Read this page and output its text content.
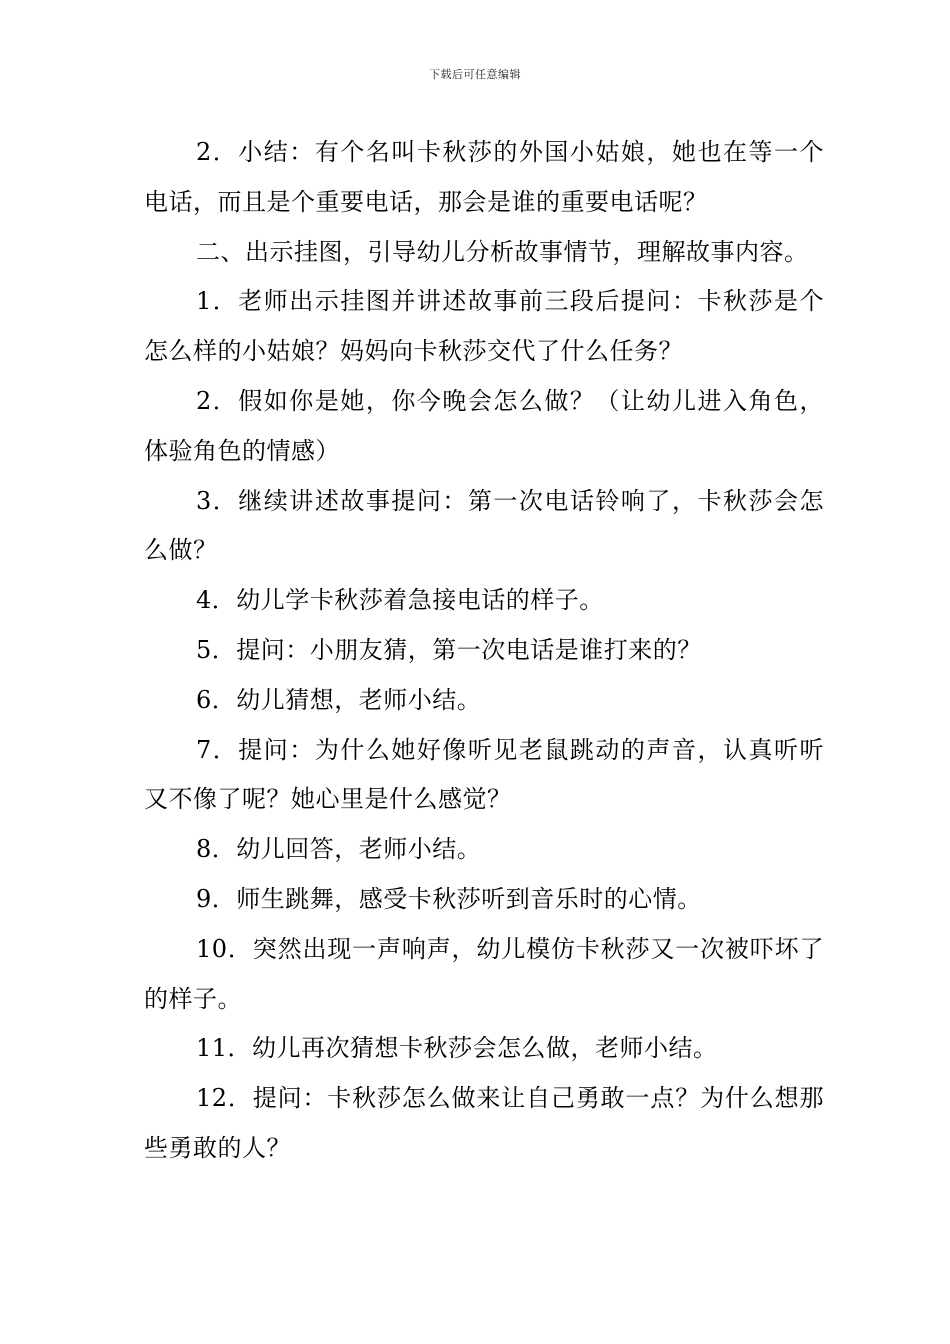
下载后可任意编辑

2．小结：有个名叫卡秋莎的外国小姑娘，她也在等一个电话，而且是个重要电话，那会是谁的重要电话呢？

二、出示挂图，引导幼儿分析故事情节，理解故事内容。

1．老师出示挂图并讲述故事前三段后提问：卡秋莎是个怎么样的小姑娘？妈妈向卡秋莎交代了什么任务？

2．假如你是她，你今晚会怎么做？（让幼儿进入角色，体验角色的情感）

3．继续讲述故事提问：第一次电话铃响了，卡秋莎会怎么做？

4．幼儿学卡秋莎着急接电话的样子。

5．提问：小朋友猜，第一次电话是谁打来的？

6．幼儿猜想，老师小结。

7．提问：为什么她好像听见老鼠跳动的声音，认真听听又不像了呢？她心里是什么感觉？

8．幼儿回答，老师小结。

9．师生跳舞，感受卡秋莎听到音乐时的心情。

10．突然出现一声响声，幼儿模仿卡秋莎又一次被吓坏了的样子。

11．幼儿再次猜想卡秋莎会怎么做，老师小结。

12．提问：卡秋莎怎么做来让自己勇敢一点？为什么想那些勇敢的人？
